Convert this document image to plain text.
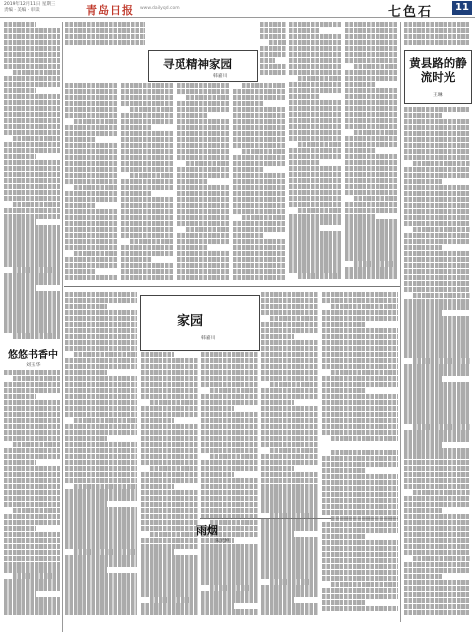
2019年12月11日 星期三
责编 · 美编 · 审读	青岛日报 www.dailyqd.com	七色石	11
寻觅精神家园
韩嘉川
悠悠书香中
刘玉华
家园
韩嘉川
雨烟
朱光坤
黄县路的静流时光
王琳
